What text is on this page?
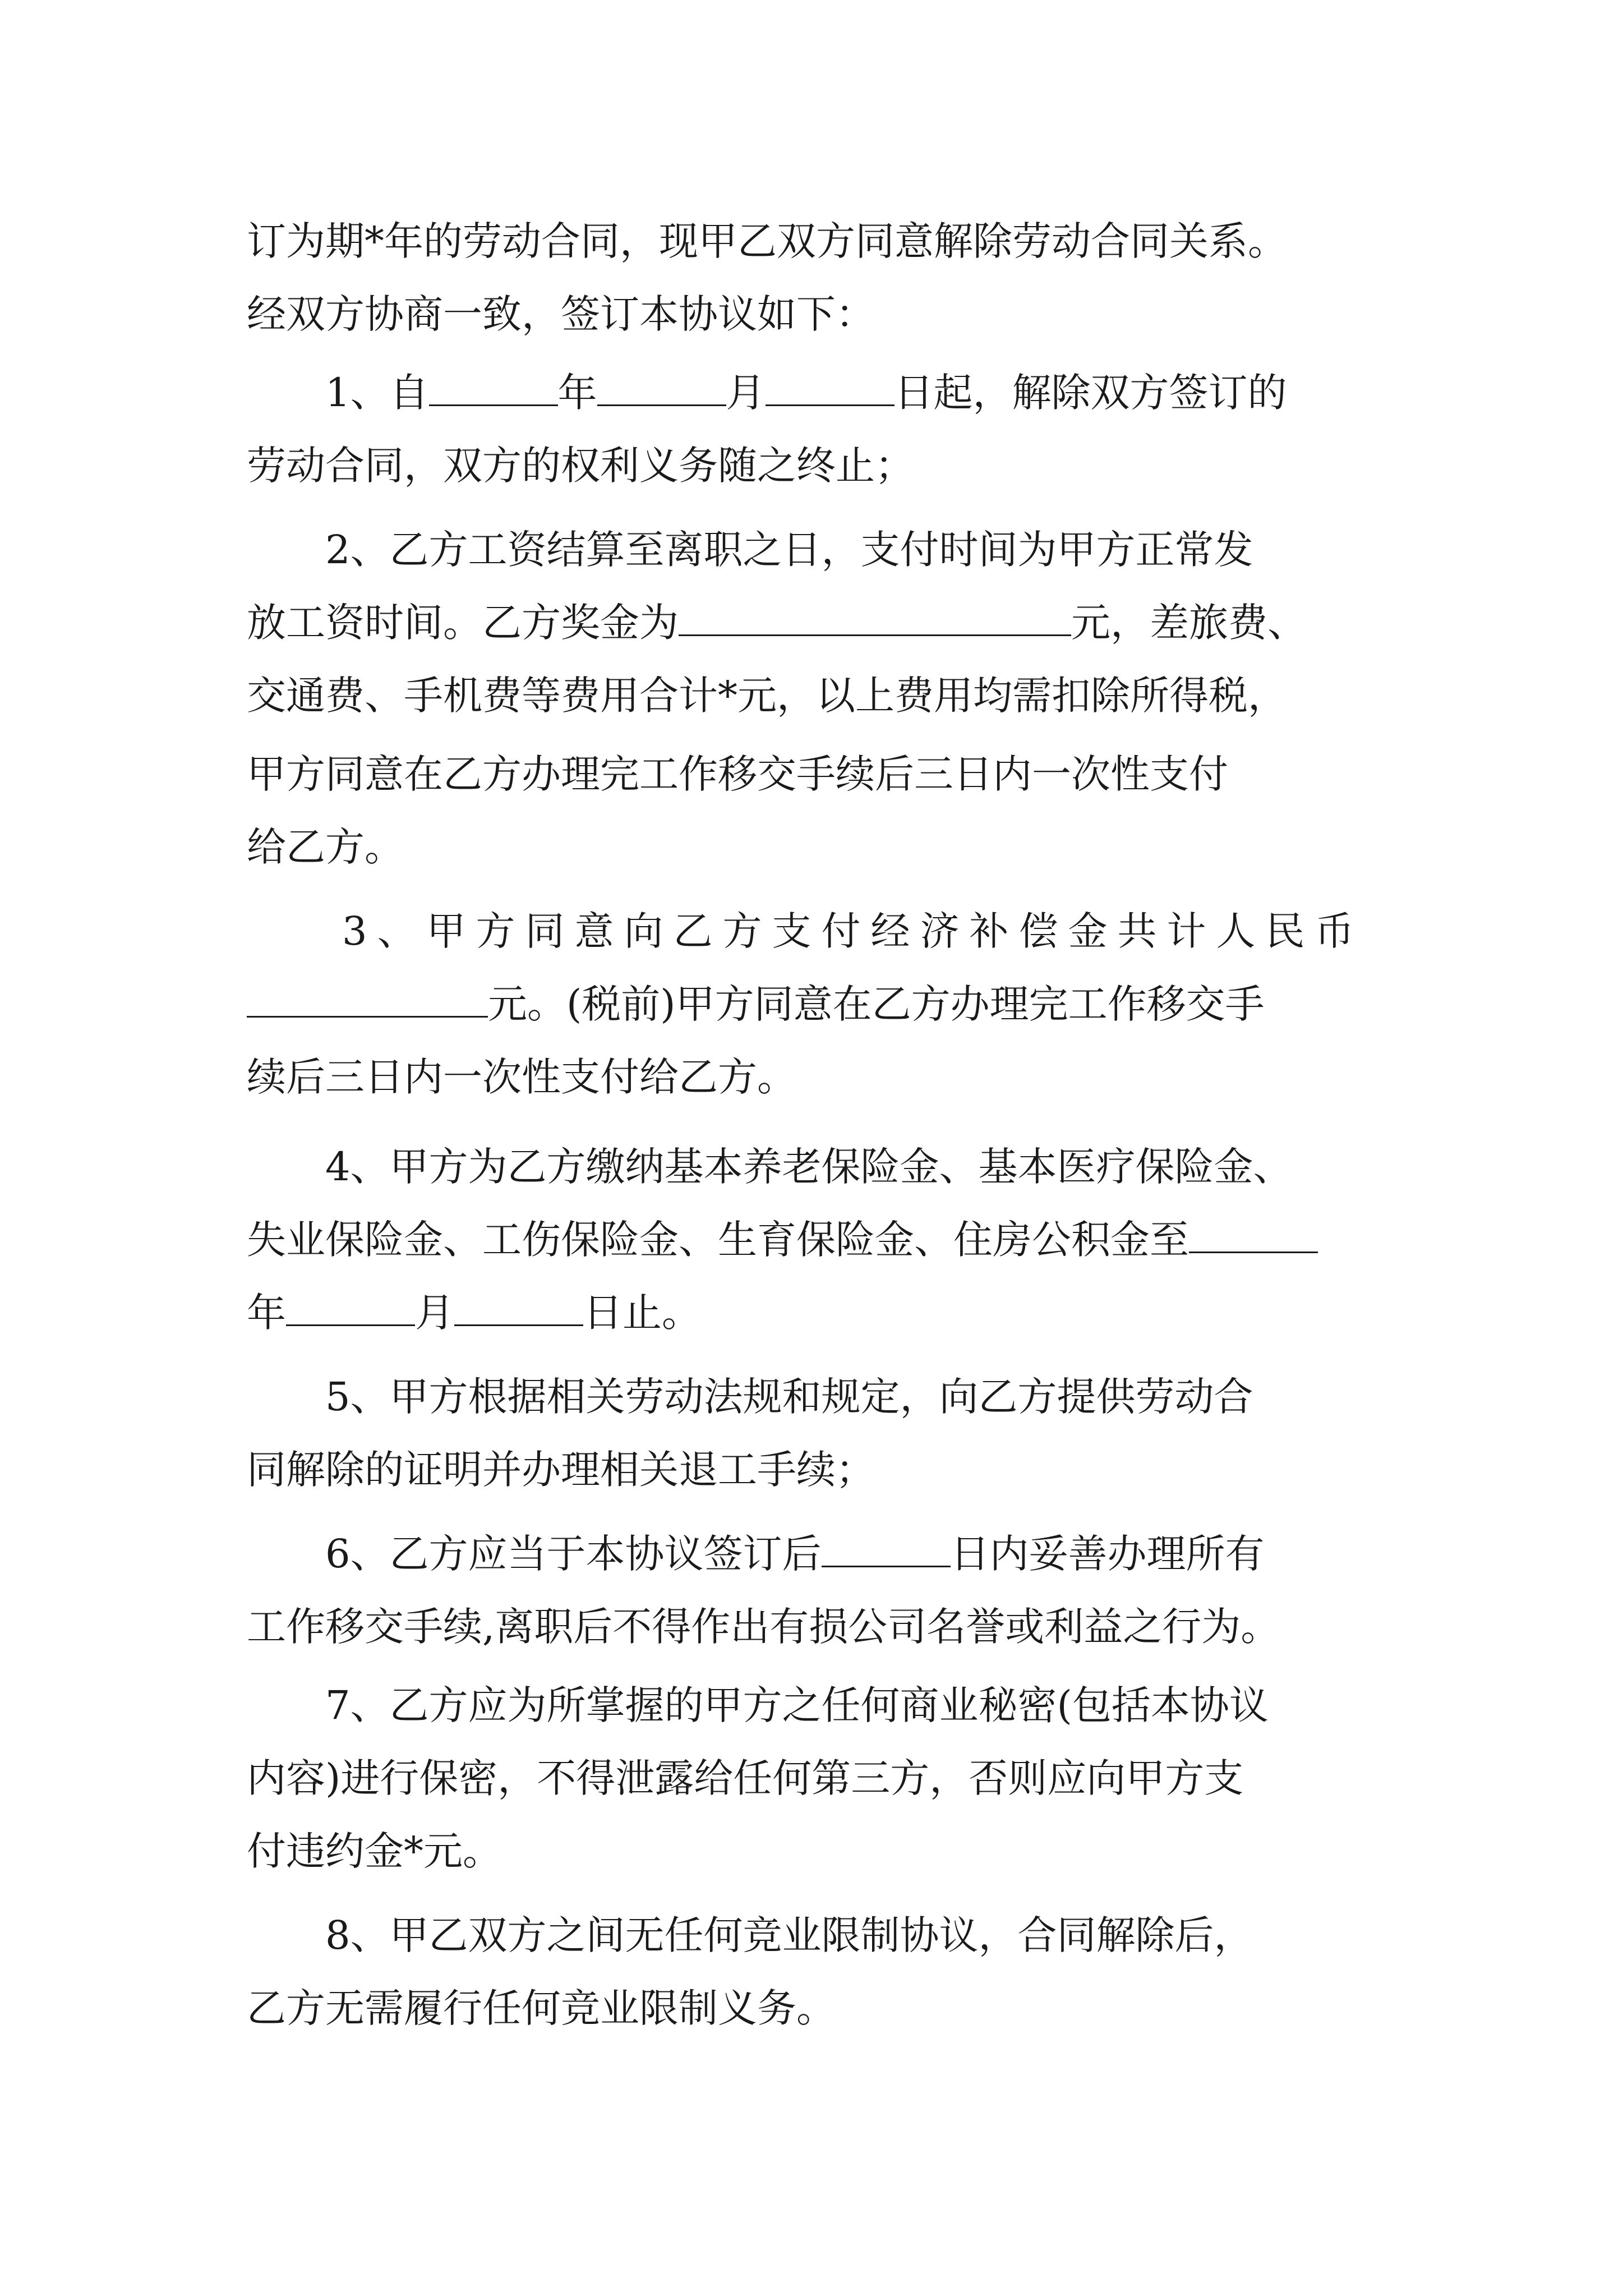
订为期*年的劳动合同，现甲乙双方同意解除劳动合同关系。
经双方协商一致，签订本协议如下：
1、自	年	月	日起，解除双方签订的
劳动合同，双方的权利义务随之终止；
2、乙方工资结算至离职之日，支付时间为甲方正常发
放工资时间。乙方奖金为	元，差旅费、
交通费、手机费等费用合计*元，以上费用均需扣除所得税，
甲方同意在乙方办理完工作移交手续后三日内一次性支付
给乙方。
3、甲方同意向乙方支付经济补偿金共计人民币
元。(税前)甲方同意在乙方办理完工作移交手
续后三日内一次性支付给乙方。
4、甲方为乙方缴纳基本养老保险金、基本医疗保险金、
失业保险金、工伤保险金、生育保险金、住房公积金至
年	月	日止。
5、甲方根据相关劳动法规和规定，向乙方提供劳动合
同解除的证明并办理相关退工手续；
6、乙方应当于本协议签订后	日内妥善办理所有
工作移交手续,离职后不得作出有损公司名誉或利益之行为。
7、乙方应为所掌握的甲方之任何商业秘密(包括本协议
内容)进行保密，不得泄露给任何第三方，否则应向甲方支
付违约金*元。
8、甲乙双方之间无任何竞业限制协议，合同解除后，
乙方无需履行任何竞业限制义务。
